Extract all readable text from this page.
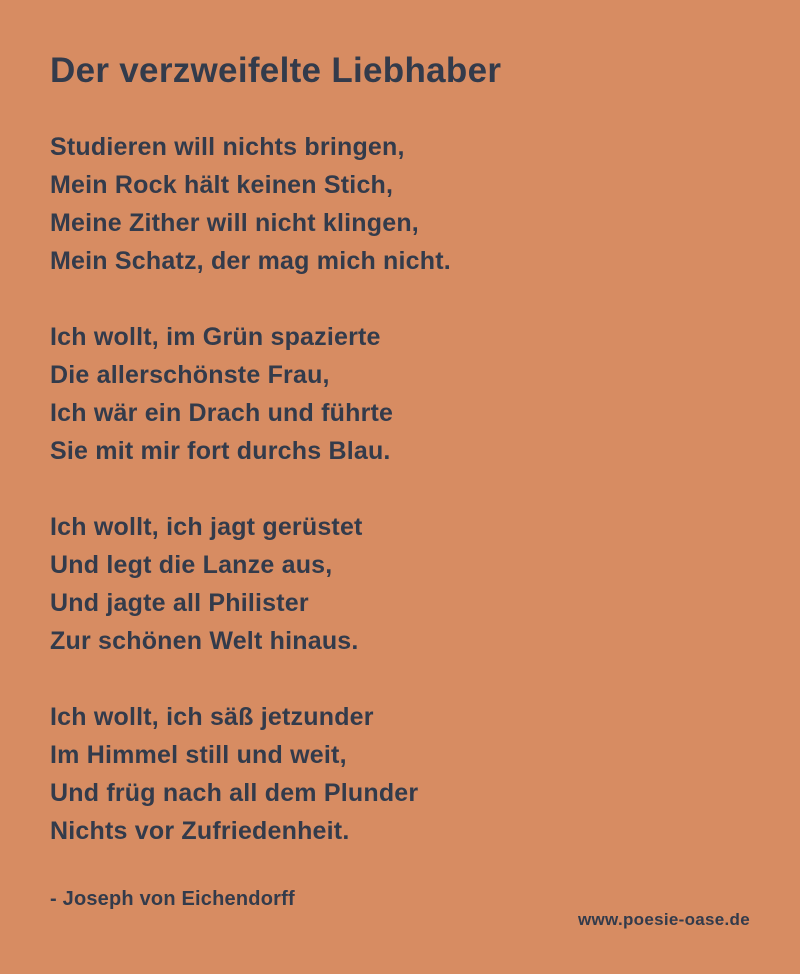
Der verzweifelte Liebhaber

Studieren will nichts bringen,

Mein Rock hält keinen Stich,

Meine Zither will nicht klingen,

Mein Schatz, der mag mich nicht.

Ich wollt, im Grün spazierte

Die allerschönste Frau,

Ich wär ein Drach und führte

Sie mit mir fort durchs Blau.

Ich wollt, ich jagt gerüstet

Und legt die Lanze aus,

Und jagte all Philister

Zur schönen Welt hinaus.

Ich wollt, ich säß jetzunder

Im Himmel still und weit,

Und früg nach all dem Plunder

Nichts vor Zufriedenheit.

- Joseph von Eichendorff

www.poesie-oase.de
